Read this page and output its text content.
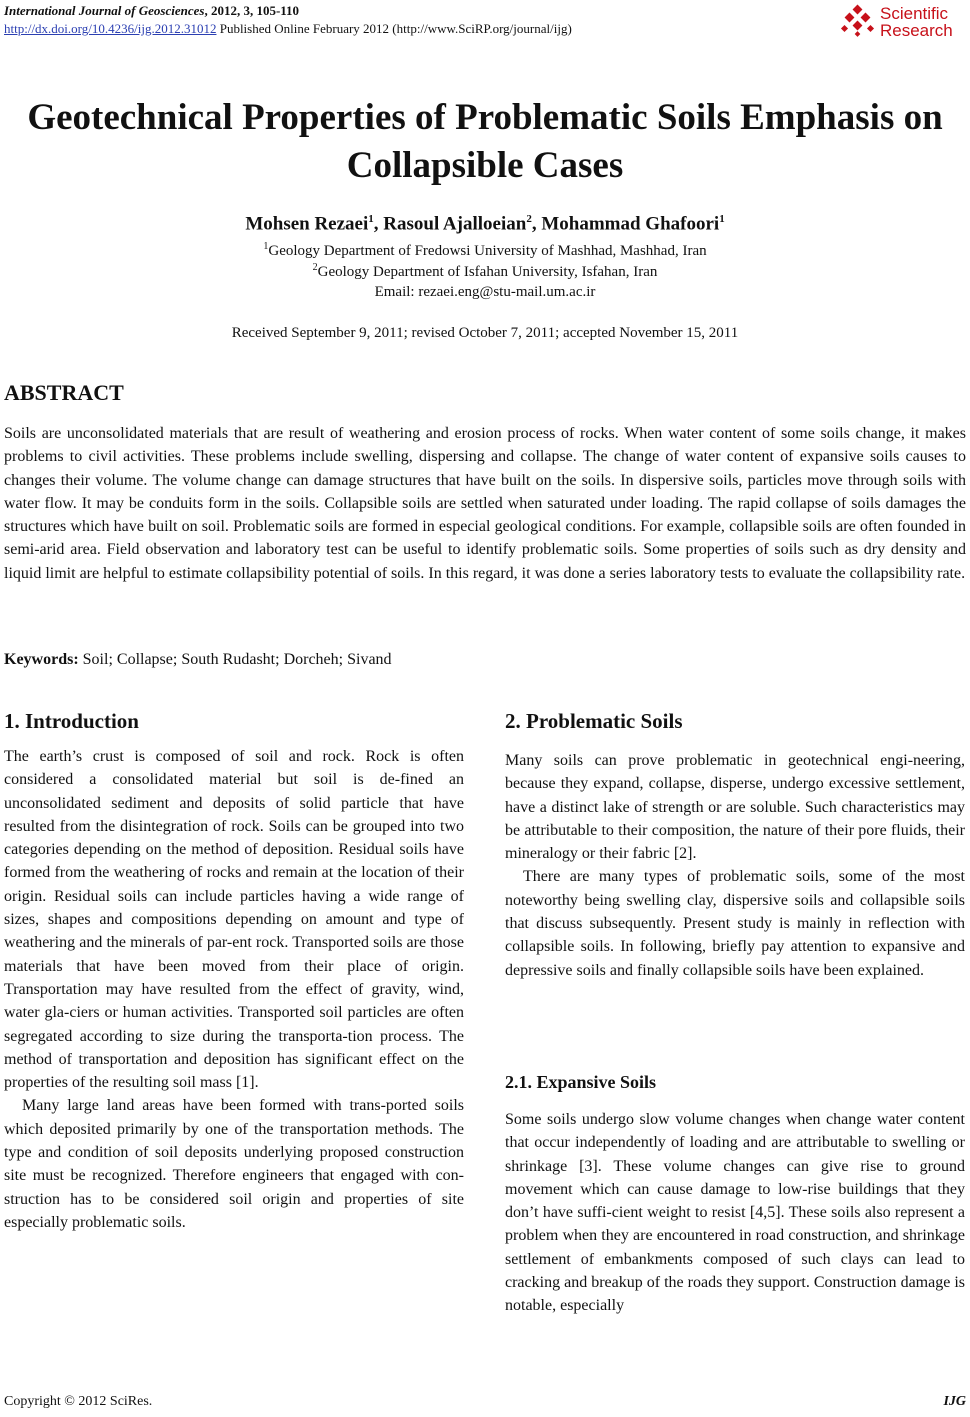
International Journal of Geosciences, 2012, 3, 105-110
http://dx.doi.org/10.4236/ijg.2012.31012 Published Online February 2012 (http://www.SciRP.org/journal/ijg)
Scientific
Research
Geotechnical Properties of Problematic Soils Emphasis on
Collapsible Cases
Mohsen Rezaei$^1$, Rasoul Ajalloeian$^2$, Mohammad Ghafoori$^1$
$^1$Geology Department of Fredowsi University of Mashhad, Mashhad, Iran
$^2$Geology Department of Isfahan University, Isfahan, Iran
Email: rezaei.eng@stu-mail.um.ac.ir
Received September 9, 2011; revised October 7, 2011; accepted November 15, 2011
ABSTRACT
Soils are unconsolidated materials that are result of weathering and erosion process of rocks. When water content of some soils change, it makes problems to civil activities. These problems include swelling, dispersing and collapse. The change of water content of expansive soils causes to changes their volume. The volume change can damage structures that have built on the soils. In dispersive soils, particles move through soils with water flow. It may be conduits form in the soils. Collapsible soils are settled when saturated under loading. The rapid collapse of soils damages the structures which have built on soil. Problematic soils are formed in especial geological conditions. For example, collapsible soils are often founded in semi-arid area. Field observation and laboratory test can be useful to identify problematic soils. Some properties of soils such as dry density and liquid limit are helpful to estimate collapsibility potential of soils. In this regard, it was done a series laboratory tests to evaluate the collapsibility rate.
Keywords: Soil; Collapse; South Rudasht; Dorcheh; Sivand
1. Introduction

The earth’s crust is composed of soil and rock. Rock is often considered a consolidated material but soil is de-fined an unconsolidated sediment and deposits of solid particle that have resulted from the disintegration of rock. Soils can be grouped into two categories depending on the method of deposition. Residual soils have formed from the weathering of rocks and remain at the location of their origin. Residual soils can include particles having a wide range of sizes, shapes and compositions depending on amount and type of weathering and the minerals of par-ent rock. Transported soils are those materials that have been moved from their place of origin. Transportation may have resulted from the effect of gravity, wind, water gla-ciers or human activities. Transported soil particles are often segregated according to size during the transporta-tion process. The method of transportation and deposition has significant effect on the properties of the resulting soil mass [1].

Many large land areas have been formed with trans-ported soils which deposited primarily by one of the transportation methods. The type and condition of soil deposits underlying proposed construction site must be recognized. Therefore engineers that engaged with con-struction has to be considered soil origin and properties of site especially problematic soils.

2. Problematic Soils

Many soils can prove problematic in geotechnical engi-neering, because they expand, collapse, disperse, undergo excessive settlement, have a distinct lake of strength or are soluble. Such characteristics may be attributable to their composition, the nature of their pore fluids, their mineralogy or their fabric [2].

There are many types of problematic soils, some of the most noteworthy being swelling clay, dispersive soils and collapsible soils that discuss subsequently. Present study is mainly in reflection with collapsible soils. In following, briefly pay attention to expansive and depressive soils and finally collapsible soils have been explained.

2.1. Expansive Soils

Some soils undergo slow volume changes when change water content that occur independently of loading and are attributable to swelling or shrinkage [3]. These volume changes can give rise to ground movement which can cause damage to low-rise buildings that they don’t have suffi-cient weight to resist [4,5]. These soils also represent a problem when they are encountered in road construction, and shrinkage settlement of embankments composed of such clays can lead to cracking and breakup of the roads they support. Construction damage is notable, especially

Copyright © 2012 SciRes.	IJG
